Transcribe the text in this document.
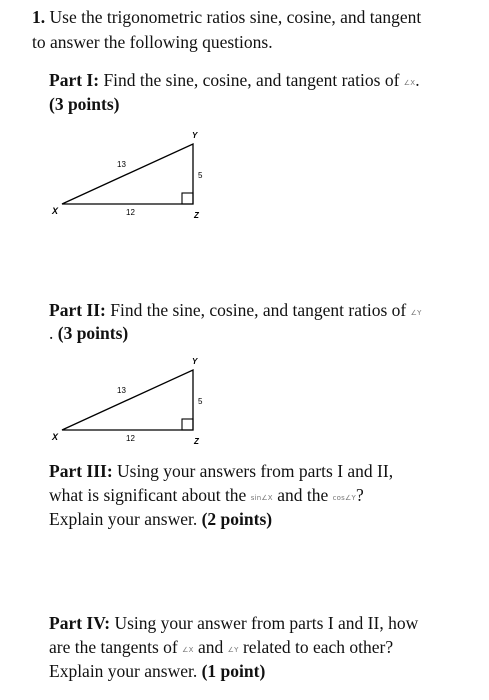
1. Use the trigonometric ratios sine, cosine, and tangent
to answer the following questions.
Part I: Find the sine, cosine, and tangent ratios of ∠X.
(3 points)
Y
X	Z
13
12
5
Part II: Find the sine, cosine, and tangent ratios of ∠Y
. (3 points)
Y
X	Z
13
12
5
Part III: Using your answers from parts I and II,
what is significant about the sin∠X and the cos∠Y?
Explain your answer. (2 points)
Part IV: Using your answer from parts I and II, how
are the tangents of ∠X and ∠Y related to each other?
Explain your answer. (1 point)
